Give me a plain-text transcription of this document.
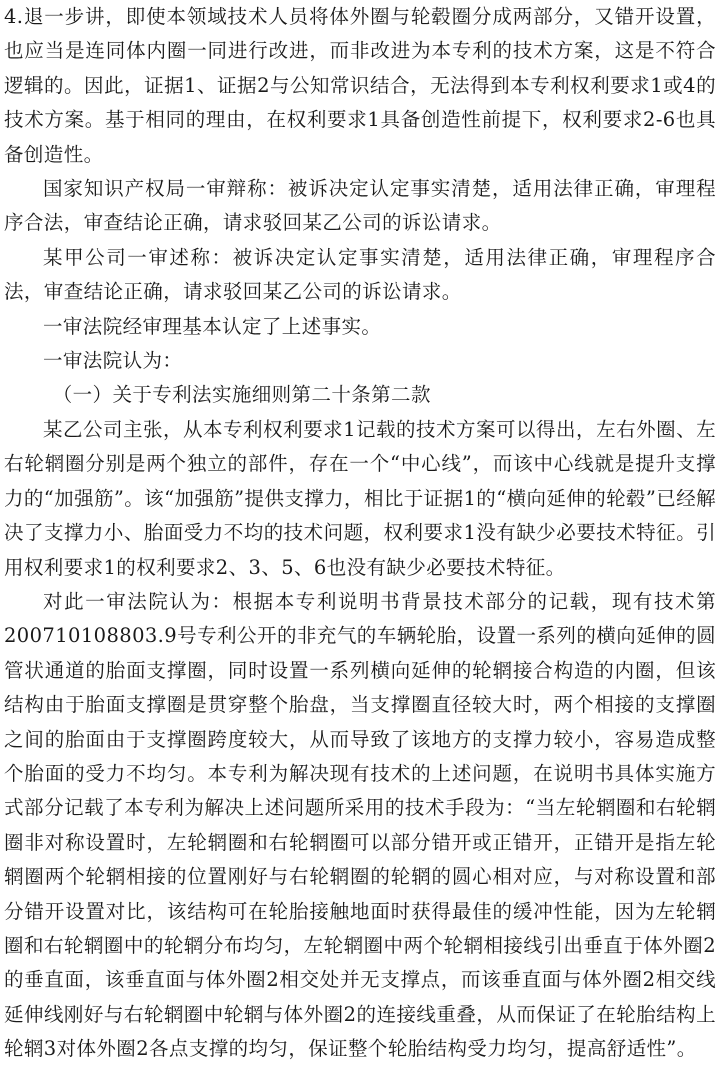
4.退一步讲，即使本领域技术人员将体外圈与轮毂圈分成两部分，又错开设置，也应当是连同体内圈一同进行改进，而非改进为本专利的技术方案，这是不符合逻辑的。因此，证据1、证据2与公知常识结合，无法得到本专利权利要求1或4的技术方案。基于相同的理由，在权利要求1具备创造性前提下，权利要求2-6也具备创造性。

国家知识产权局一审辩称：被诉决定认定事实清楚，适用法律正确，审理程序合法，审查结论正确，请求驳回某乙公司的诉讼请求。

某甲公司一审述称：被诉决定认定事实清楚，适用法律正确，审理程序合法，审查结论正确，请求驳回某乙公司的诉讼请求。

一审法院经审理基本认定了上述事实。

一审法院认为：

（一）关于专利法实施细则第二十条第二款

某乙公司主张，从本专利权利要求1记载的技术方案可以得出，左右外圈、左右轮辋圈分别是两个独立的部件，存在一个“中心线”，而该中心线就是提升支撑力的“加强筋”。该“加强筋”提供支撑力，相比于证据1的“横向延伸的轮毂”已经解决了支撑力小、胎面受力不均的技术问题，权利要求1没有缺少必要技术特征。引用权利要求1的权利要求2、3、5、6也没有缺少必要技术特征。

对此一审法院认为：根据本专利说明书背景技术部分的记载，现有技术第200710108803.9号专利公开的非充气的车辆轮胎，设置一系列的横向延伸的圆管状通道的胎面支撑圈，同时设置一系列横向延伸的轮辋接合构造的内圈，但该结构由于胎面支撑圈是贯穿整个胎盘，当支撑圈直径较大时，两个相接的支撑圈之间的胎面由于支撑圈跨度较大，从而导致了该地方的支撑力较小，容易造成整个胎面的受力不均匀。本专利为解决现有技术的上述问题，在说明书具体实施方式部分记载了本专利为解决上述问题所采用的技术手段为：“当左轮辋圈和右轮辋圈非对称设置时，左轮辋圈和右轮辋圈可以部分错开或正错开，正错开是指左轮辋圈两个轮辋相接的位置刚好与右轮辋圈的轮辋的圆心相对应，与对称设置和部分错开设置对比，该结构可在轮胎接触地面时获得最佳的缓冲性能，因为左轮辋圈和右轮辋圈中的轮辋分布均匀，左轮辋圈中两个轮辋相接线引出垂直于体外圈2的垂直面，该垂直面与体外圈2相交处并无支撑点，而该垂直面与体外圈2相交线延伸线刚好与右轮辋圈中轮辋与体外圈2的连接线重叠，从而保证了在轮胎结构上轮辋3对体外圈2各点支撑的均匀，保证整个轮胎结构受力均匀，提高舒适性”。
